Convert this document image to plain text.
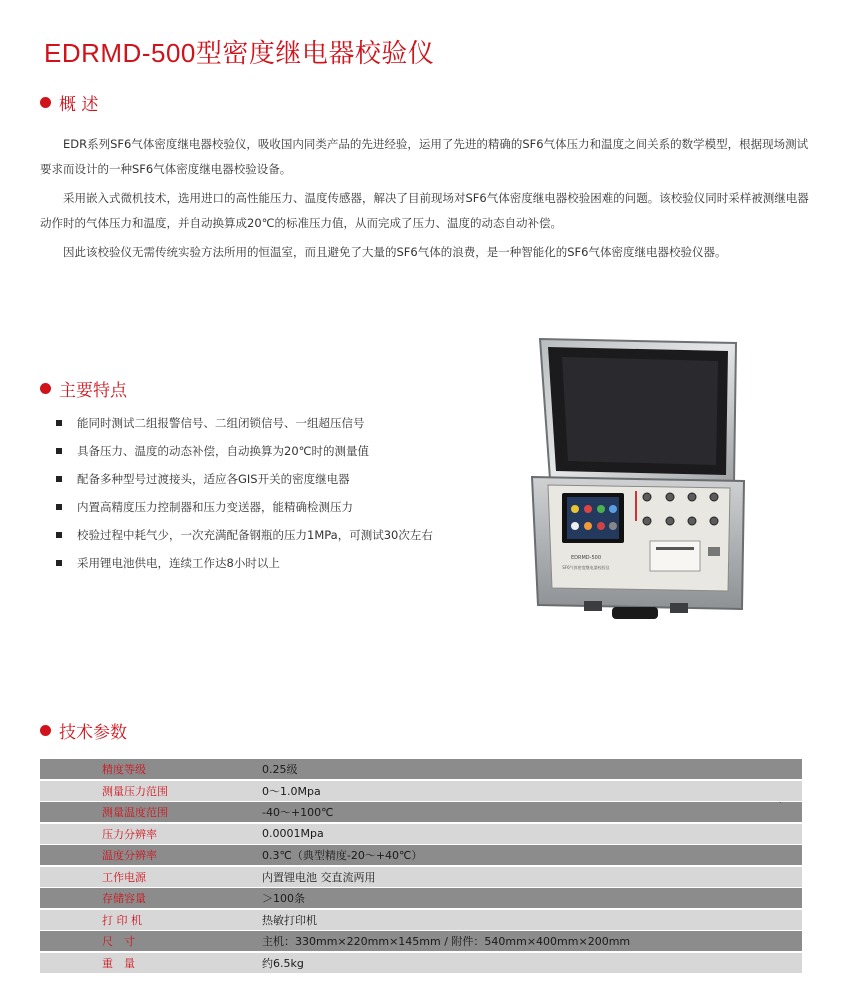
EDRMD-500型密度继电器校验仪
概 述

EDR系列SF6气体密度继电器校验仪，吸收国内同类产品的先进经验，运用了先进的精确的SF6气体压力和温度之间关系的数学模型，根据现场测试要求而设计的一种SF6气体密度继电器校验设备。

采用嵌入式微机技术，选用进口的高性能压力、温度传感器，解决了目前现场对SF6气体密度继电器校验困难的问题。该校验仪同时采样被测继电器动作时的气体压力和温度，并自动换算成20℃的标准压力值，从而完成了压力、温度的动态自动补偿。

因此该校验仪无需传统实验方法所用的恒温室，而且避免了大量的SF6气体的浪费，是一种智能化的SF6气体密度继电器校验仪器。

主要特点
能同时测试二组报警信号、二组闭锁信号、一组超压信号
具备压力、温度的动态补偿，自动换算为20℃时的测量值
配备多种型号过渡接头，适应各GIS开关的密度继电器
内置高精度压力控制器和压力变送器，能精确检测压力
校验过程中耗气少，一次充满配备钢瓶的压力1MPa，可测试30次左右
采用锂电池供电，连续工作达8小时以上	EDRMD-500
SF6气体密度继电器校验仪
技术参数
精度等级	0.25级
测量压力范围	0～1.0Mpa
测量温度范围	-40～+100℃
压力分辨率	0.0001Mpa
温度分辨率	0.3℃（典型精度-20～+40℃）
工作电源	内置锂电池 交直流两用
存储容量	＞100条
打 印 机	热敏打印机
尺　寸	主机：330mm×220mm×145mm / 附件：540mm×400mm×200mm
重　量	约6.5kg
.
